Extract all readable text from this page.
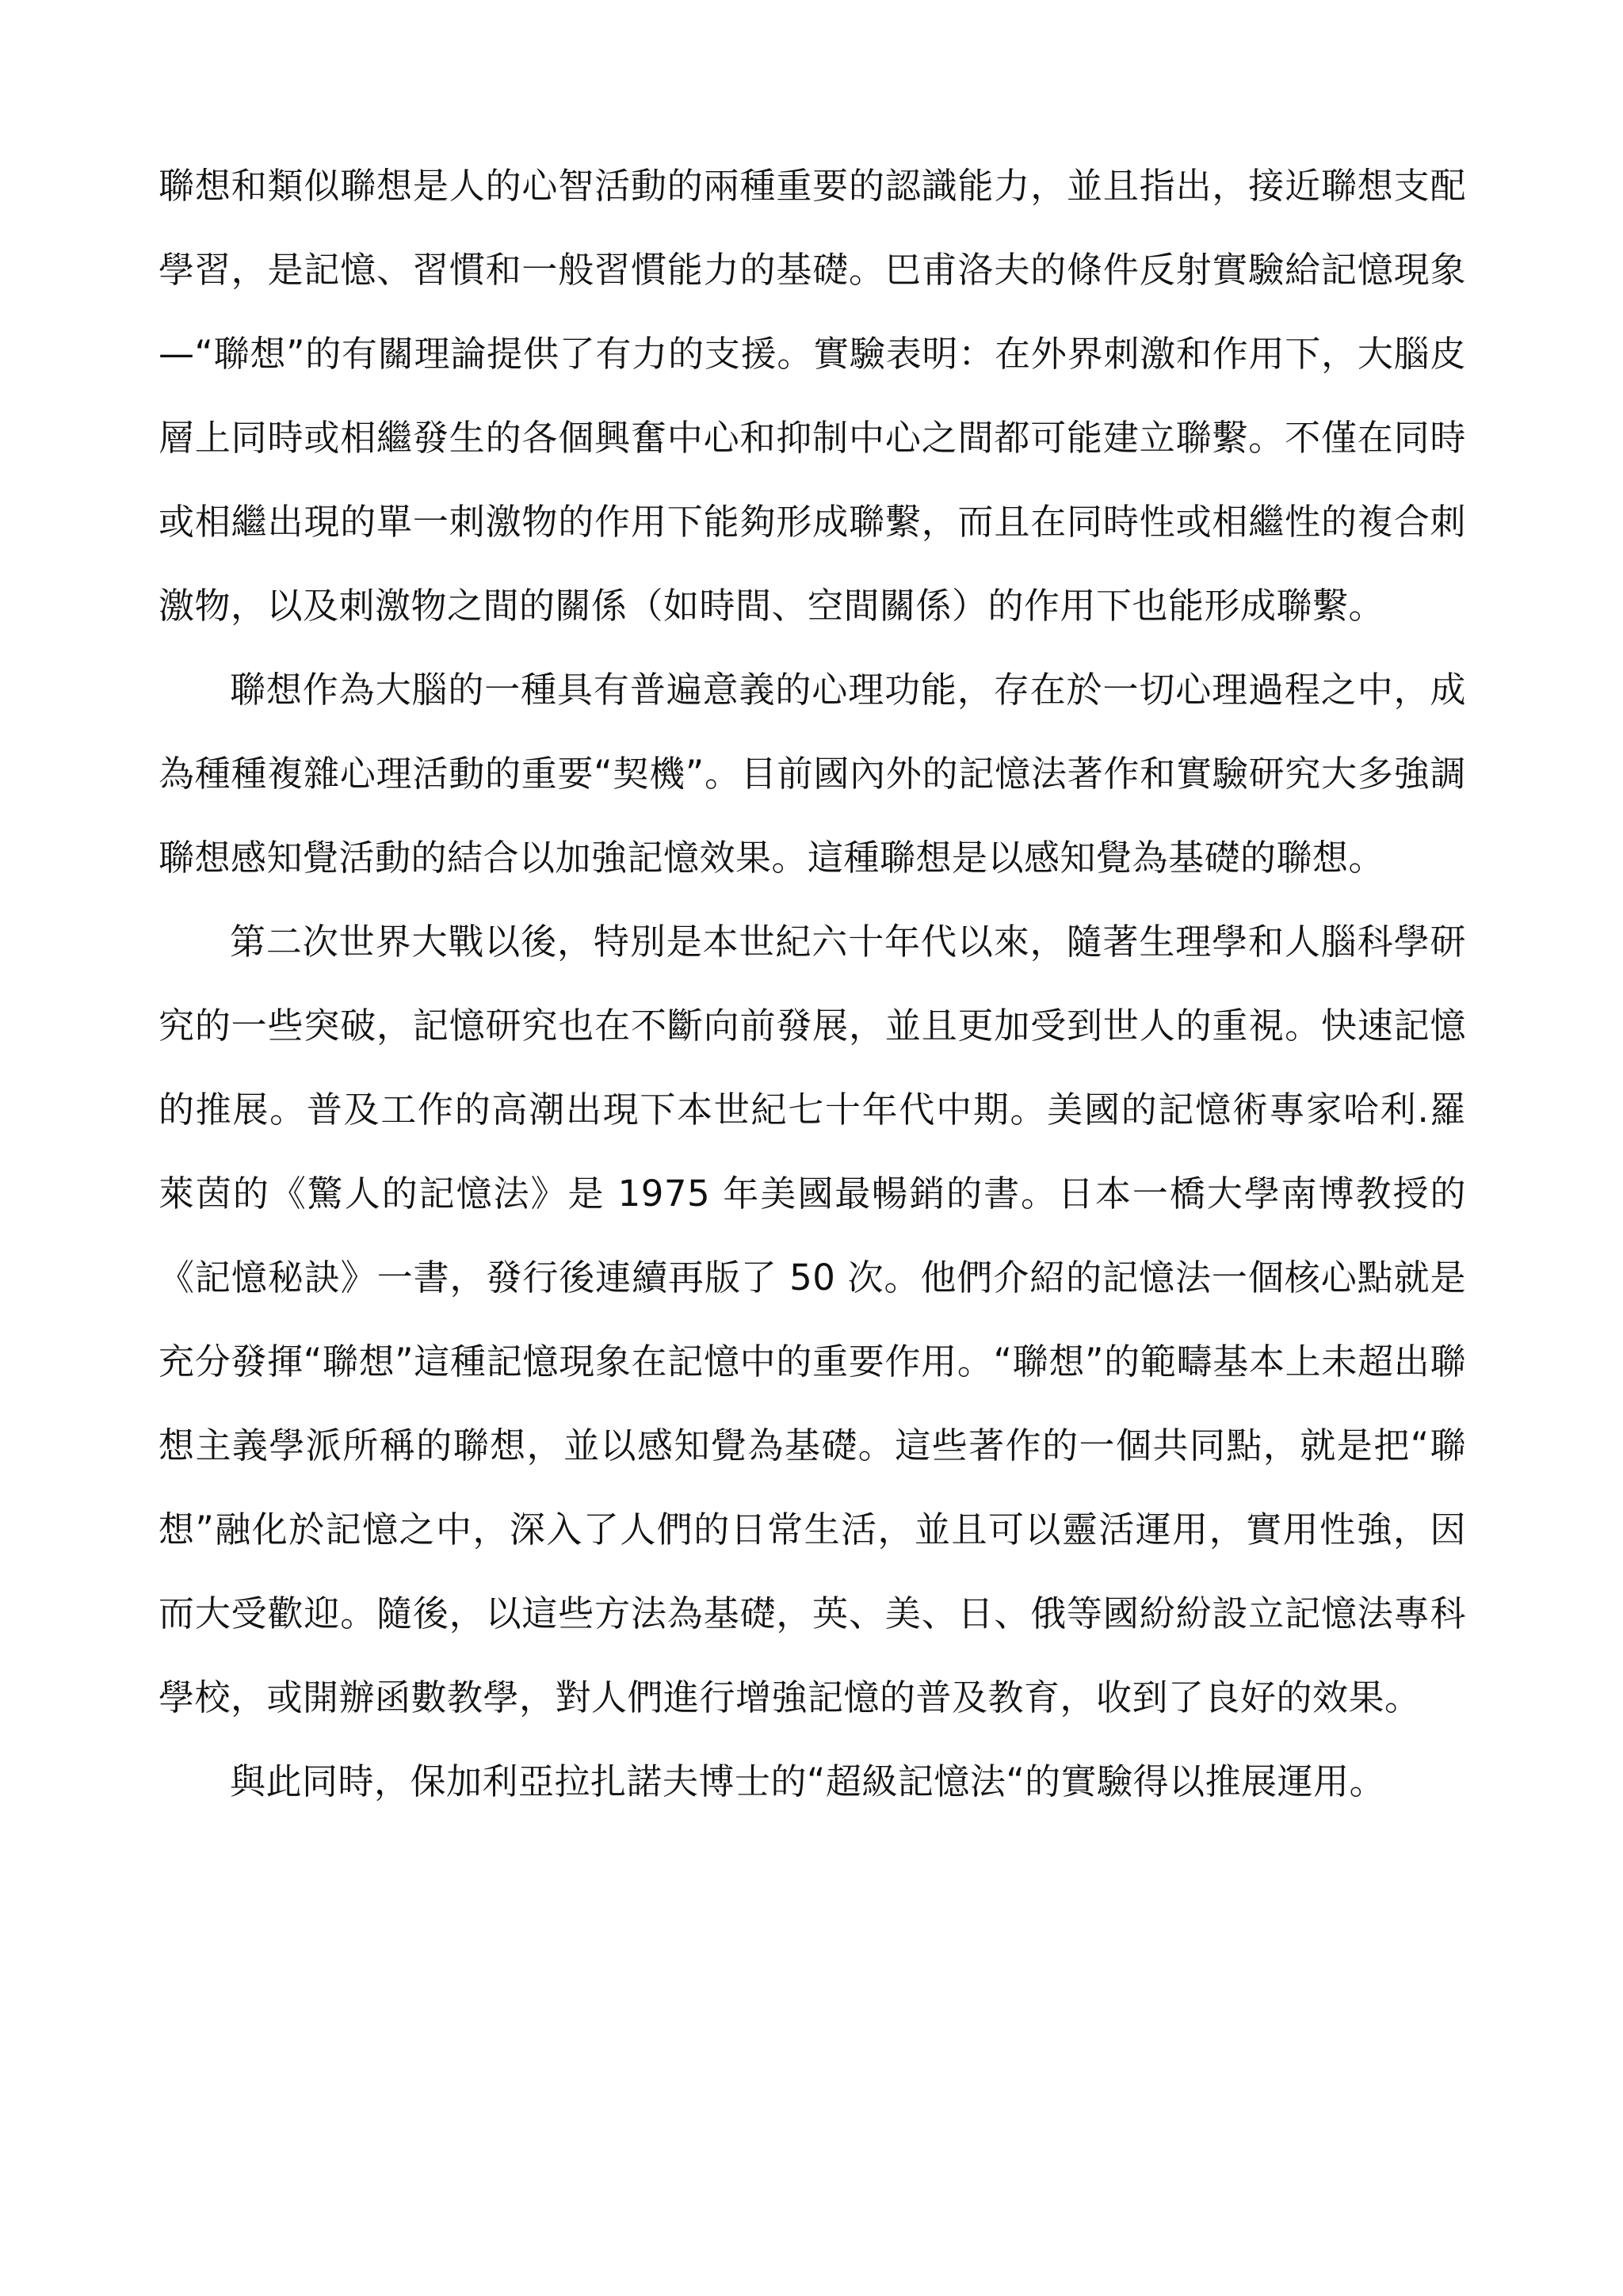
聯想和類似聯想是人的心智活動的兩種重要的認識能力，並且指出，接近聯想支配學習，是記憶、習慣和一般習慣能力的基礎。巴甫洛夫的條件反射實驗給記憶現象—“聯想”的有關理論提供了有力的支援。實驗表明：在外界刺激和作用下，大腦皮層上同時或相繼發生的各個興奮中心和抑制中心之間都可能建立聯繫。不僅在同時或相繼出現的單一刺激物的作用下能夠形成聯繫，而且在同時性或相繼性的複合刺激物，以及刺激物之間的關係（如時間、空間關係）的作用下也能形成聯繫。

聯想作為大腦的一種具有普遍意義的心理功能，存在於一切心理過程之中，成為種種複雜心理活動的重要“契機”。目前國內外的記憶法著作和實驗研究大多強調聯想感知覺活動的結合以加強記憶效果。這種聯想是以感知覺為基礎的聯想。

第二次世界大戰以後，特別是本世紀六十年代以來，隨著生理學和人腦科學研究的一些突破，記憶研究也在不斷向前發展，並且更加受到世人的重視。快速記憶的推展。普及工作的高潮出現下本世紀七十年代中期。美國的記憶術專家哈利.羅萊茵的《驚人的記憶法》是 1975 年美國最暢銷的書。日本一橋大學南博教授的《記憶秘訣》一書，發行後連續再版了 50 次。他們介紹的記憶法一個核心點就是充分發揮“聯想”這種記憶現象在記憶中的重要作用。“聯想”的範疇基本上未超出聯想主義學派所稱的聯想，並以感知覺為基礎。這些著作的一個共同點，就是把“聯想”融化於記憶之中，深入了人們的日常生活，並且可以靈活運用，實用性強，因而大受歡迎。隨後，以這些方法為基礎，英、美、日、俄等國紛紛設立記憶法專科學校，或開辦函數教學，對人們進行增強記憶的普及教育，收到了良好的效果。

與此同時，保加利亞拉扎諾夫博士的“超級記憶法“的實驗得以推展運用。
